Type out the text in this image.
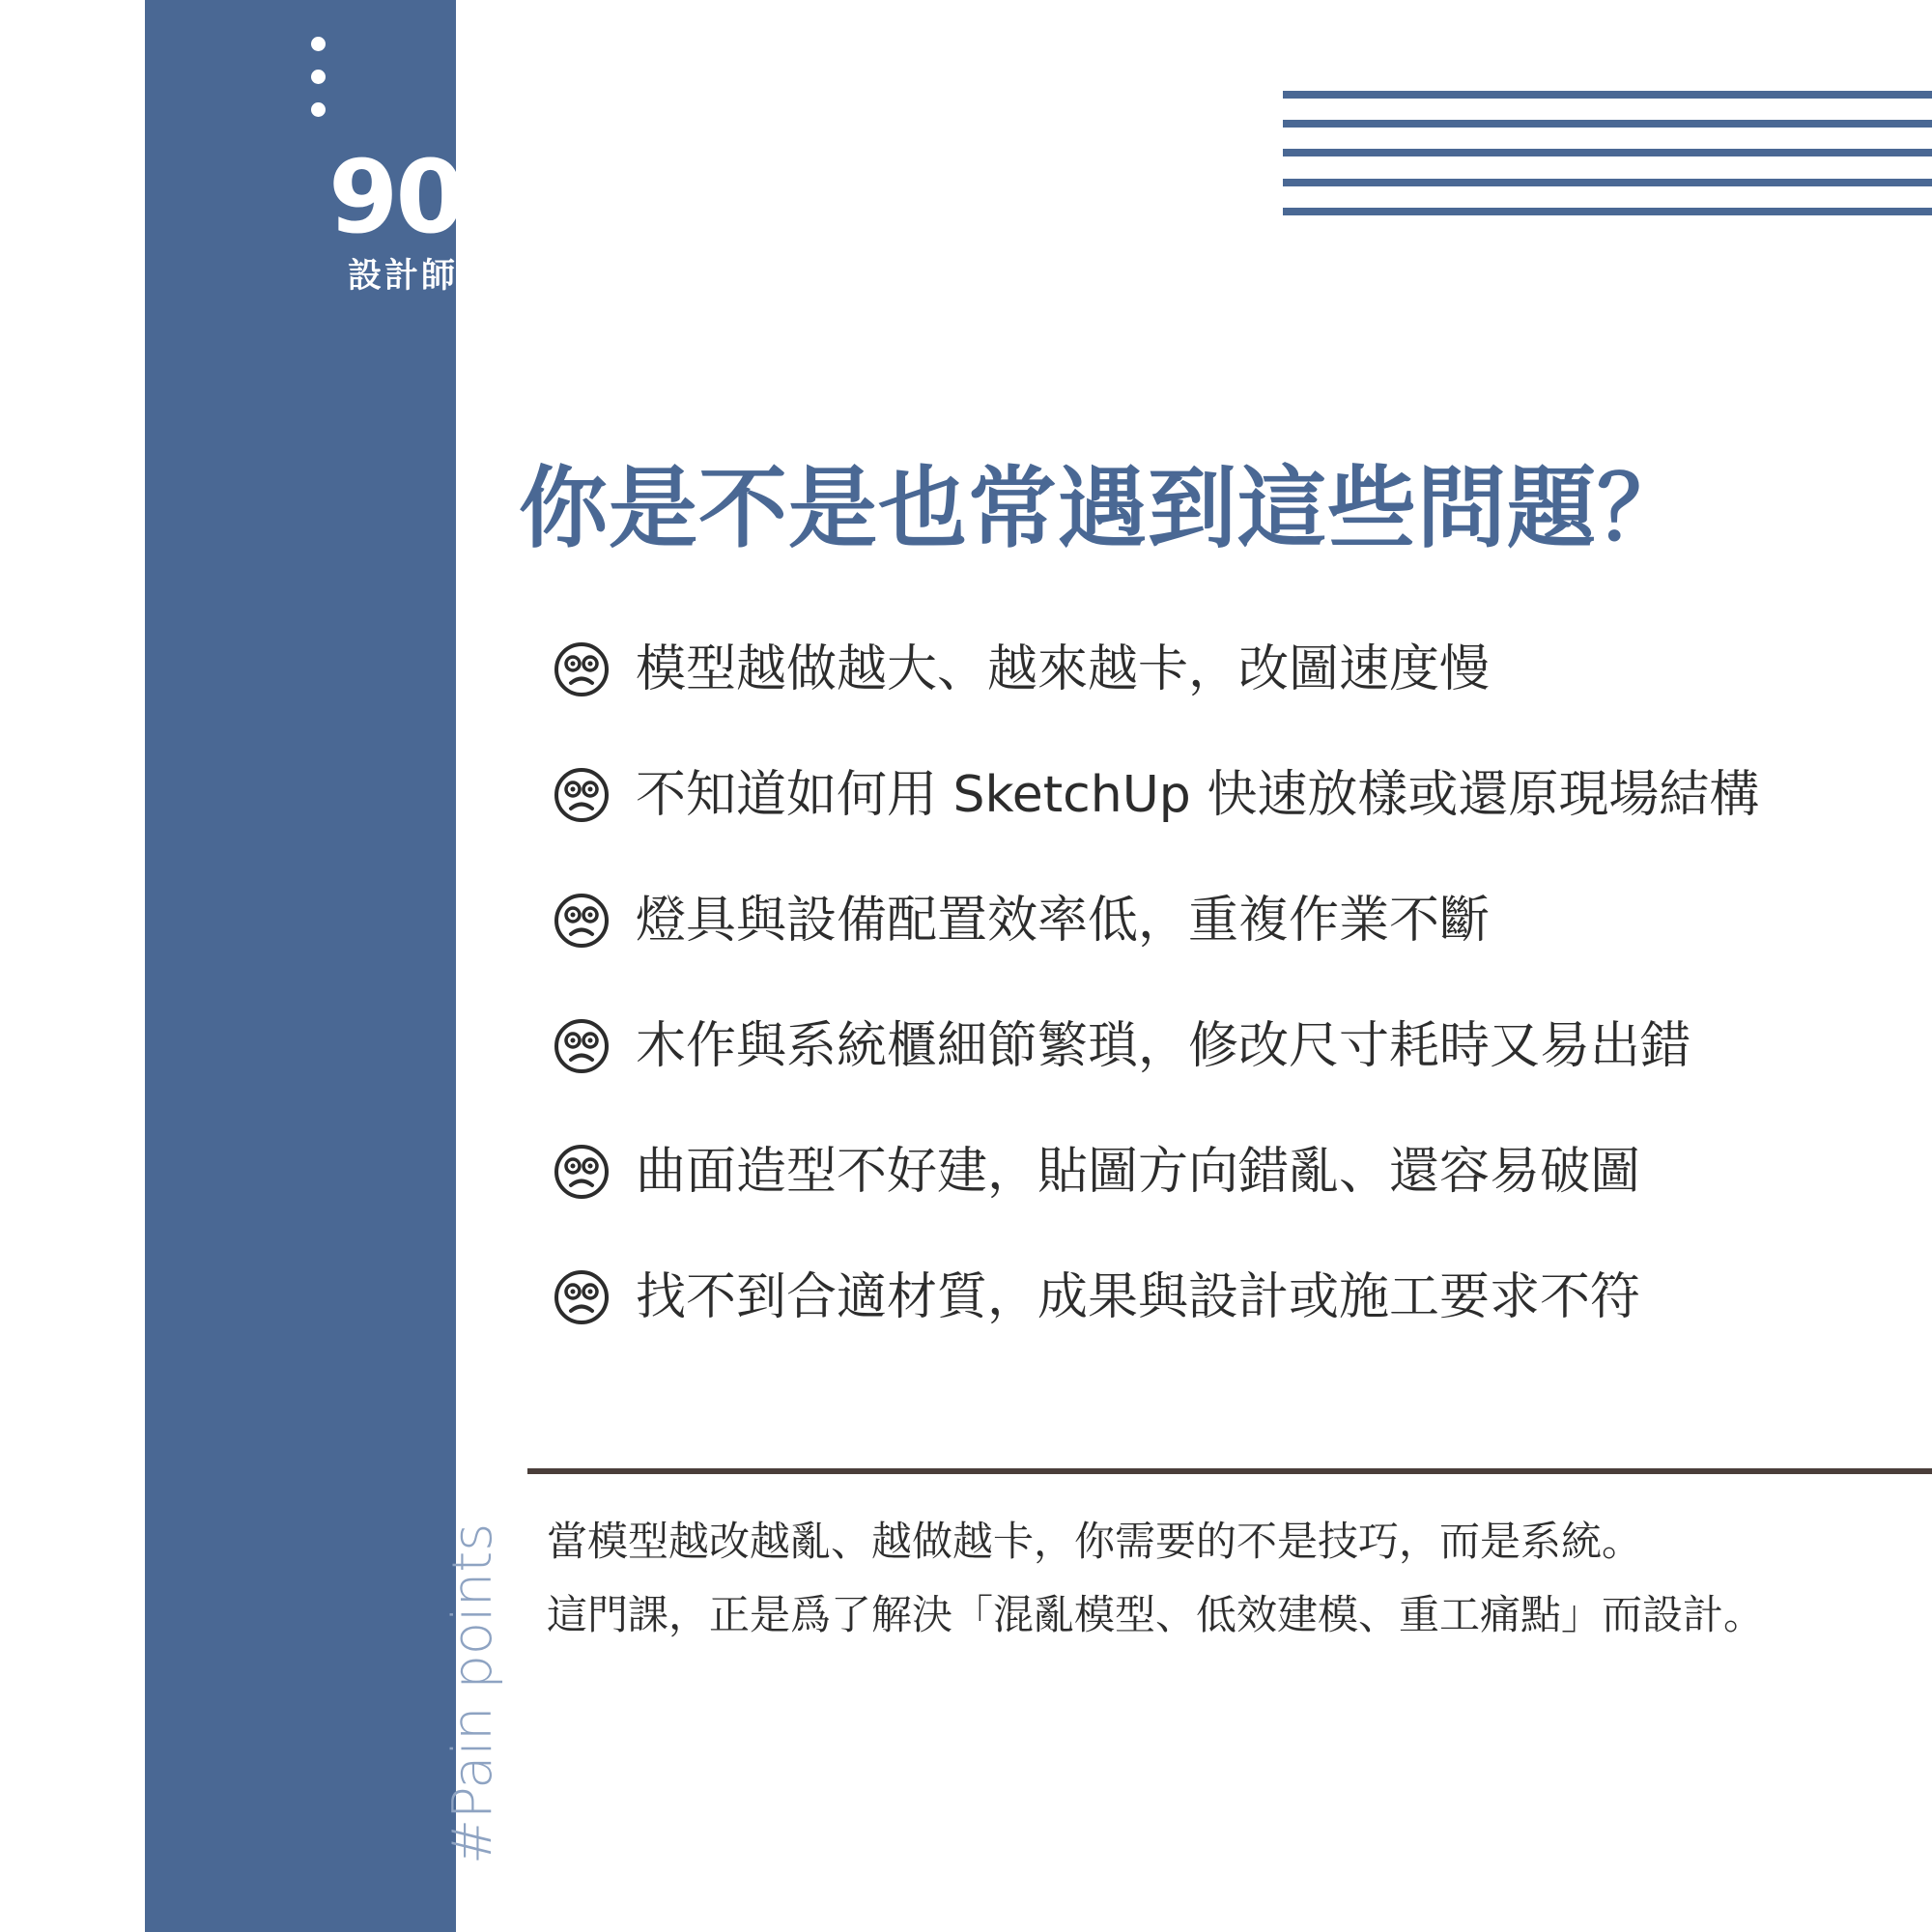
90%
設計師困境
#Pain points
你是不是也常遇到這些問題？
模型越做越大、越來越卡，改圖速度慢
不知道如何用 SketchUp 快速放樣或還原現場結構
燈具與設備配置效率低，重複作業不斷
木作與系統櫃細節繁瑣，修改尺寸耗時又易出錯
曲面造型不好建，貼圖方向錯亂、還容易破圖
找不到合適材質，成果與設計或施工要求不符
當模型越改越亂、越做越卡，你需要的不是技巧，而是系統。
這門課，正是爲了解決「混亂模型、低效建模、重工痛點」而設計。
